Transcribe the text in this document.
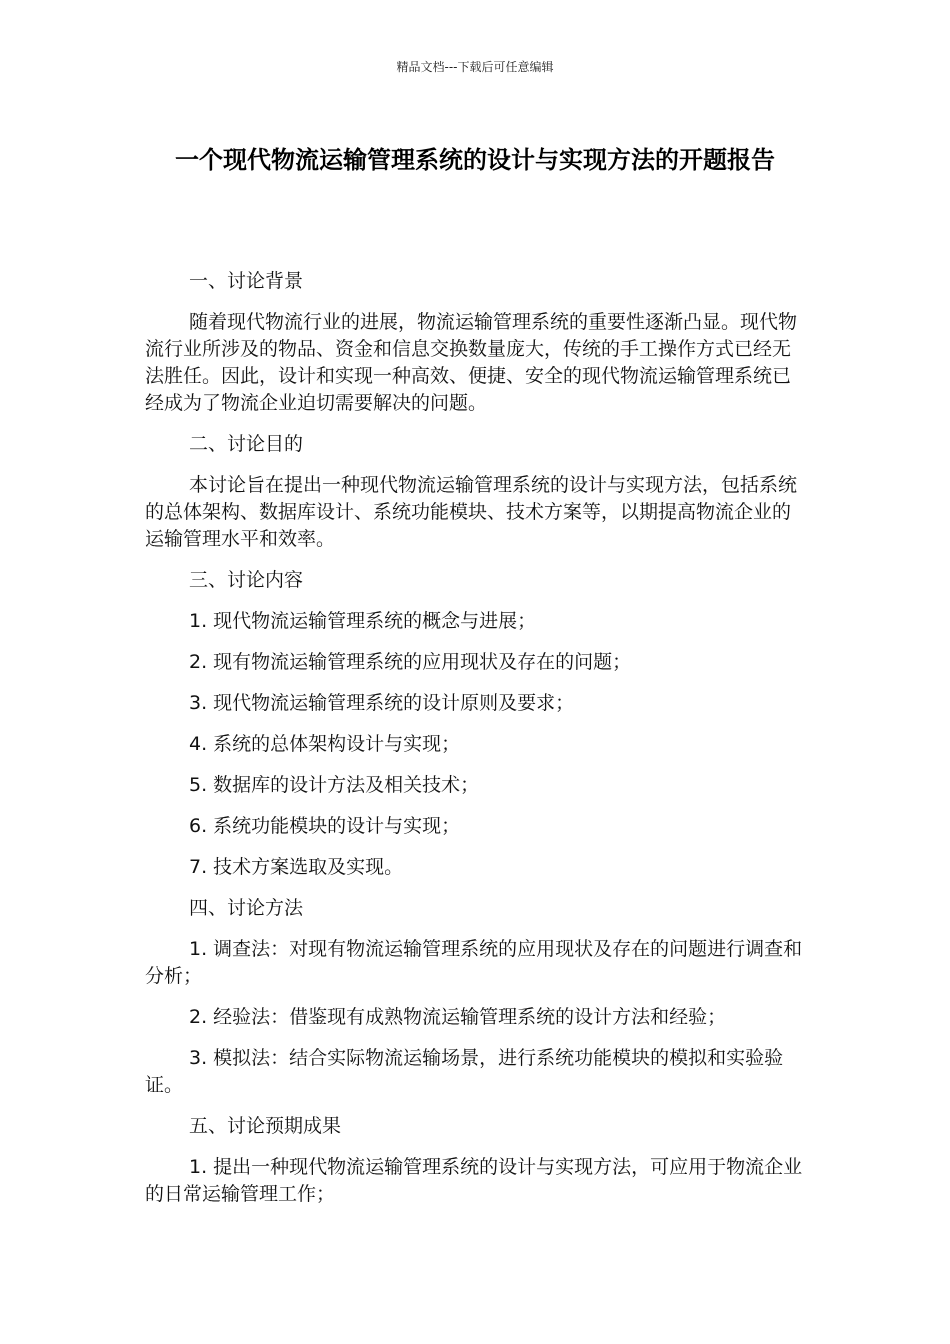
精品文档---下载后可任意编辑
一个现代物流运输管理系统的设计与实现方法的开题报告

一、讨论背景

随着现代物流行业的进展，物流运输管理系统的重要性逐渐凸显。现代物流行业所涉及的物品、资金和信息交换数量庞大，传统的手工操作方式已经无法胜任。因此，设计和实现一种高效、便捷、安全的现代物流运输管理系统已经成为了物流企业迫切需要解决的问题。

二、讨论目的

本讨论旨在提出一种现代物流运输管理系统的设计与实现方法，包括系统的总体架构、数据库设计、系统功能模块、技术方案等，以期提高物流企业的运输管理水平和效率。

三、讨论内容

1. 现代物流运输管理系统的概念与进展；

2. 现有物流运输管理系统的应用现状及存在的问题；

3. 现代物流运输管理系统的设计原则及要求；

4. 系统的总体架构设计与实现；

5. 数据库的设计方法及相关技术；

6. 系统功能模块的设计与实现；

7. 技术方案选取及实现。

四、讨论方法

1. 调查法：对现有物流运输管理系统的应用现状及存在的问题进行调查和分析；

2. 经验法：借鉴现有成熟物流运输管理系统的设计方法和经验；

3. 模拟法：结合实际物流运输场景，进行系统功能模块的模拟和实验验证。

五、讨论预期成果

1. 提出一种现代物流运输管理系统的设计与实现方法，可应用于物流企业的日常运输管理工作；
